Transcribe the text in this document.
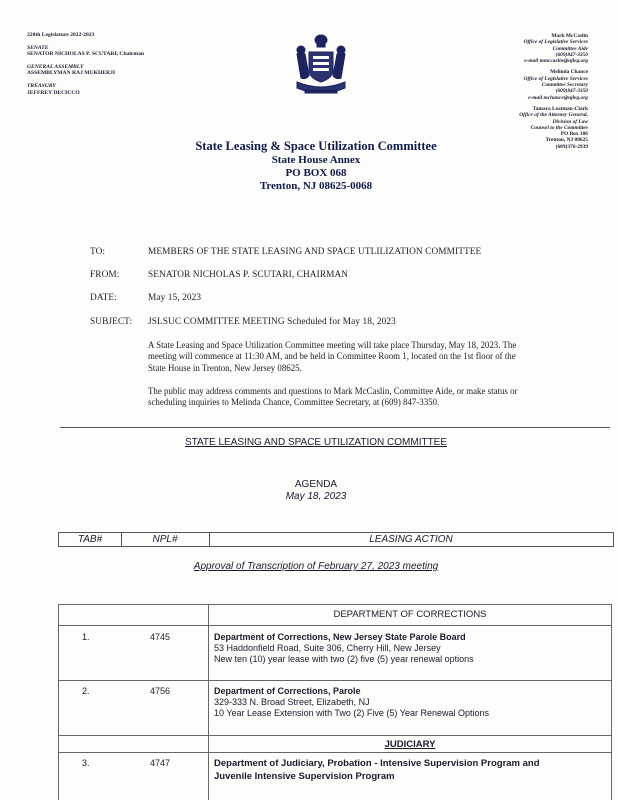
220th Legislature 2022-2023
SENATE
SENATOR NICHOLAS P. SCUTARI, Chairman
GENERAL ASSEMBLY
ASSEMBLYMAN RAJ MUKHERJI
TREASURY
JEFFREY DECICCO
Mark McCaslin
Office of Legislative Services
Committee Aide
(609)847-3350
e-mail mmccaslin@njleg.org
Melinda Chance
Office of Legislative Services
Committee Secretary
(609)847-3350
e-mail mchance@njleg.org
Tamara Leatman-Clark
Office of the Attorney General,
Division of Law
Counsel to the Committee
PO Box 106
Trenton, NJ 08625
(609)376-2939
State Leasing & Space Utilization Committee
State House Annex
PO BOX 068
Trenton, NJ 08625-0068
TO:	MEMBERS OF THE STATE LEASING AND SPACE UTLILIZATION COMMITTEE
FROM:	SENATOR NICHOLAS P. SCUTARI, CHAIRMAN
DATE:	May 15, 2023
SUBJECT: JSLSUC COMMITTEE MEETING Scheduled for May 18, 2023
A State Leasing and Space Utilization Committee meeting will take place Thursday, May 18, 2023. The meeting will commence at 11:30 AM, and be held in Committee Room 1, located on the 1st floor of the State House in Trenton, New Jersey 08625.
The public may address comments and questions to Mark McCaslin, Committee Aide, or make status or scheduling inquiries to Melinda Chance, Committee Secretary, at (609) 847-3350.
STATE LEASING AND SPACE UTILIZATION COMMITTEE
AGENDA
May 18, 2023
TAB#	NPL#	LEASING ACTION
Approval of Transcription of February 27, 2023 meeting
DEPARTMENT OF CORRECTIONS
1.	4745	Department of Corrections, New Jersey State Parole Board
53 Haddonfield Road, Suite 306, Cherry Hill, New Jersey
New ten (10) year lease with two (2) five (5) year renewal options
2.	4756	Department of Corrections, Parole
329-333 N. Broad Street, Elizabeth, NJ
10 Year Lease Extension with Two (2) Five (5) Year Renewal Options
JUDICIARY
3.	4747	Department of Judiciary, Probation - Intensive Supervision Program and
Juvenile Intensive Supervision Program
